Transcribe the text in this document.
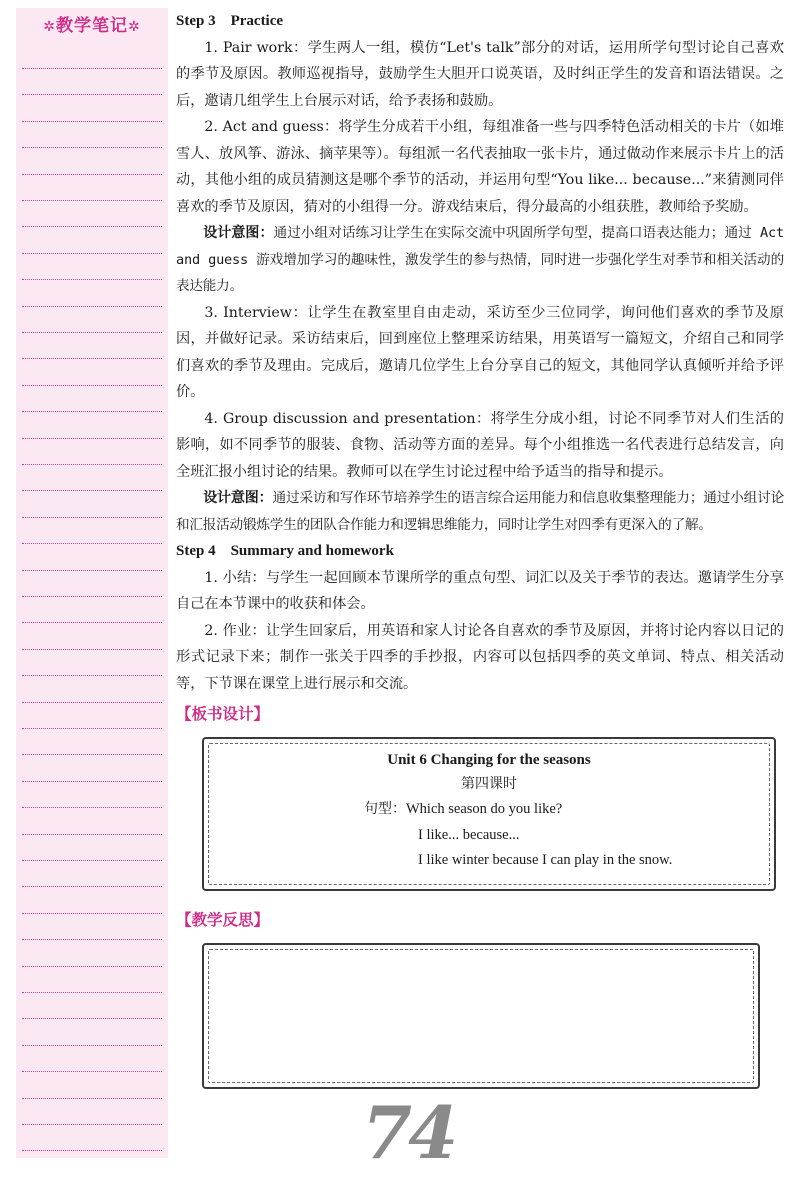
✲教学笔记✲	Step 3    Practice

1. Pair work：学生两人一组，模仿“Let's talk”部分的对话，运用所学句型讨论自己喜欢的季节及原因。教师巡视指导，鼓励学生大胆开口说英语，及时纠正学生的发音和语法错误。之后，邀请几组学生上台展示对话，给予表扬和鼓励。

2. Act and guess：将学生分成若干小组，每组准备一些与四季特色活动相关的卡片（如堆雪人、放风筝、游泳、摘苹果等）。每组派一名代表抽取一张卡片，通过做动作来展示卡片上的活动，其他小组的成员猜测这是哪个季节的活动，并运用句型“You like... because...”来猜测同伴喜欢的季节及原因，猜对的小组得一分。游戏结束后，得分最高的小组获胜，教师给予奖励。

设计意图：通过小组对话练习让学生在实际交流中巩固所学句型，提高口语表达能力；通过 Act and guess 游戏增加学习的趣味性，激发学生的参与热情，同时进一步强化学生对季节和相关活动的表达能力。

3. Interview：让学生在教室里自由走动，采访至少三位同学，询问他们喜欢的季节及原因，并做好记录。采访结束后，回到座位上整理采访结果，用英语写一篇短文，介绍自己和同学们喜欢的季节及理由。完成后，邀请几位学生上台分享自己的短文，其他同学认真倾听并给予评价。

4. Group discussion and presentation：将学生分成小组，讨论不同季节对人们生活的影响，如不同季节的服装、食物、活动等方面的差异。每个小组推选一名代表进行总结发言，向全班汇报小组讨论的结果。教师可以在学生讨论过程中给予适当的指导和提示。

设计意图：通过采访和写作环节培养学生的语言综合运用能力和信息收集整理能力；通过小组讨论和汇报活动锻炼学生的团队合作能力和逻辑思维能力，同时让学生对四季有更深入的了解。

Step 4    Summary and homework

1. 小结：与学生一起回顾本节课所学的重点句型、词汇以及关于季节的表达。邀请学生分享自己在本节课中的收获和体会。

2. 作业：让学生回家后，用英语和家人讨论各自喜欢的季节及原因，并将讨论内容以日记的形式记录下来；制作一张关于四季的手抄报，内容可以包括四季的英文单词、特点、相关活动等，下节课在课堂上进行展示和交流。

【板书设计】
Unit 6 Changing for the seasons
第四课时
句型：Which season do you like?
I like... because...
I like winter because I can play in the snow.
【教学反思】
74
